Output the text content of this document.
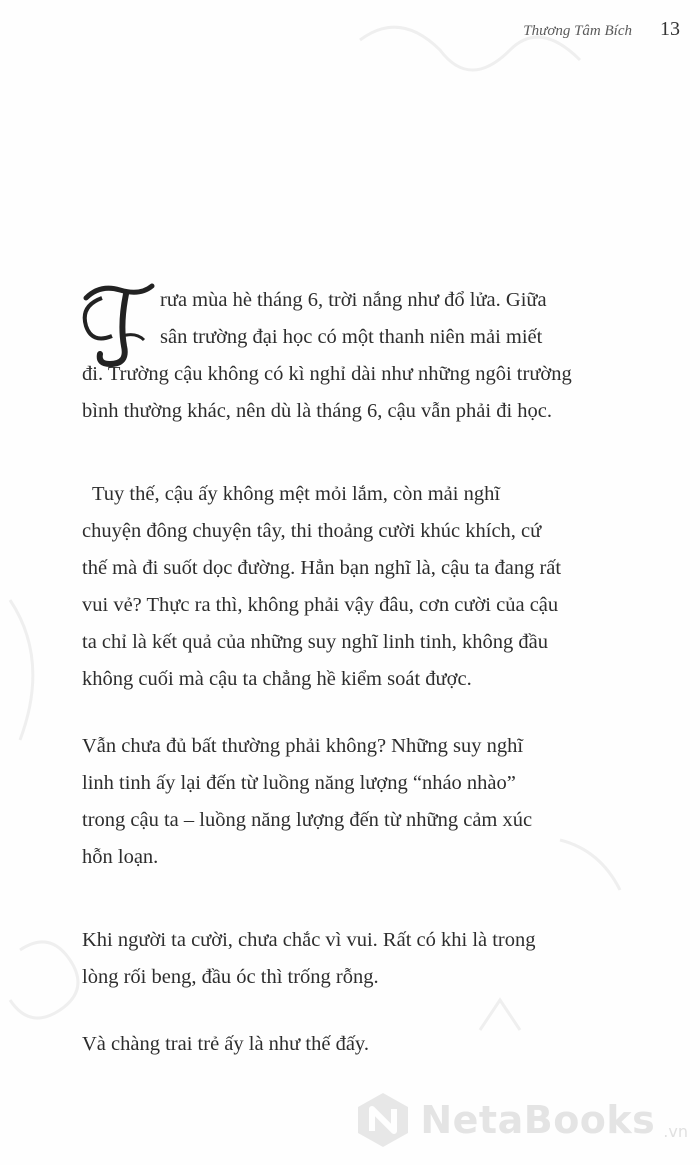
Thương Tâm Bích 13
rưa mùa hè tháng 6, trời nắng như đổ lửa. Giữa
sân trường đại học có một thanh niên mải miết
đi. Trường cậu không có kì nghỉ dài như những ngôi trường
bình thường khác, nên dù là tháng 6, cậu vẫn phải đi học.
Tuy thế, cậu ấy không mệt mỏi lắm, còn mải nghĩ
chuyện đông chuyện tây, thi thoảng cười khúc khích, cứ
thế mà đi suốt dọc đường. Hẳn bạn nghĩ là, cậu ta đang rất
vui vẻ? Thực ra thì, không phải vậy đâu, cơn cười của cậu
ta chỉ là kết quả của những suy nghĩ linh tinh, không đầu
không cuối mà cậu ta chẳng hề kiểm soát được.
Vẫn chưa đủ bất thường phải không? Những suy nghĩ
linh tinh ấy lại đến từ luồng năng lượng “nháo nhào”
trong cậu ta – luồng năng lượng đến từ những cảm xúc
hỗn loạn.
Khi người ta cười, chưa chắc vì vui. Rất có khi là trong
lòng rối beng, đầu óc thì trống rỗng.
Và chàng trai trẻ ấy là như thế đấy.
NetaBooks .vn
